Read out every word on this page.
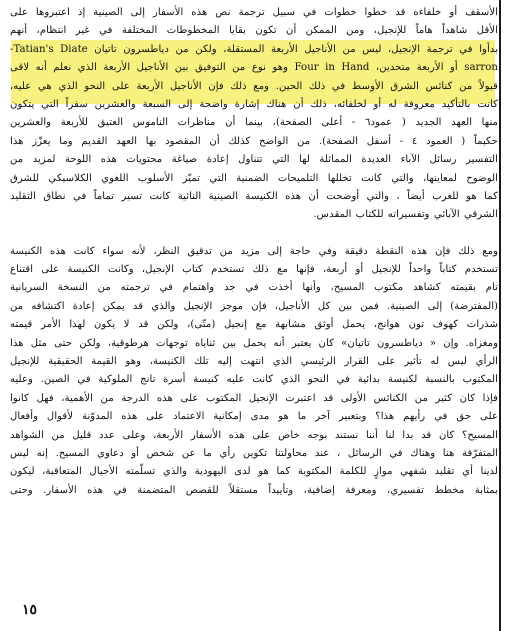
الأسقف أو خلفاءه قد خطوا خطوات في سبيل ترجمة نص هذه الأسفار إلى الصينية إذ اعتبروها على
الأقل شاهداً هاماً للإنجيل، ومن الممكن أن تكون بقايا المخطوطات المختلفة في غير انتظام، أنهم
بدأوا في ترجمة الإنجيل، ليس من الأناجيل الأربعة المستقلة، ولكن من دياطسرون تاتيان Tatian's Diate-
sarron أو الأربعة متحدين، Four in Hand وهو نوع من التوفيق بين الأناجيل الأربعة الذي نعلم أنه لاقى
قبولاً من كنائس الشرق الأوسط في ذلك الحين. ومع ذلك فإن الأناجيل الأربعة على النحو الذي هي عليه،
كانت بالتأكيد معروفة له أو لخلفائه، ذلك أن هناك إشارة واضحة إلى السبعة والعشرين سفراً التي يتكون
منها العهد الجديد ( عمود٦ - أعلى الصفحة)، بينما أن مناظرات الناموس العتيق للأربعة والعشرين
حكيماً ( العمود ٤ - أسفل الصفحة). من الواضح كذلك أن المقصود بها العهد القديم وما يعزّز هذا
التفسير رسائل الآباء العديدة المماثلة لها التي تتناول إعادة صياغة محتويات هذه اللوحة لمزيد من
الوضوح لمعاينها، والتي كانت تخللها التلميحات الضمنية التي تميّز الأسلوب اللغوي الكلاسيكي للشرق
كما هو للغرب أيضاً ، والتي أوضحت أن هذه الكنيسة الصينية النائية كانت تسير تماماً في نطاق التقليد
الشرقي الآبائي وتفسيراته للكتاب المقدس.
ومع ذلك فإن هذه النقطة دقيقة وفي حاجة إلى مزيد من تدقيق النظر، لأنه سواء كانت هذه الكنيسة
تستخدم كتاباً واحداً للإنجيل أو أربعة، فإنها مع ذلك تستخدم كتاب الإنجيل، وكانت الكنيسة على اقتناع
تام بقيمته كشاهد مكتوب المسيح، وأنها أخذت في جد واهتمام في ترجمته من النسخة السريانية
(المفترضة) إلى الصينية. فمن بين كل الأناجيل، فإن موجز الإنجيل والذي قد يمكن إعادة اكتشافه من
شذرات كهوف تون هوانج، يحمل أوثق مشابهة مع إنجيل (متّى)، ولكن قد لا يكون لهذا الأمر قيمته
ومغزاه. وإن « دياطسرون تاتيان» كان يعتبر أنه يحمل بين ثناياه توجهات هرطوقية، ولكن حتى مثل هذا
الرأي ليس له تأثير على القرار الرئيسي الذي انتهت إليه تلك الكنيسة، وهو القيمة الحقيقية للإنجيل
المكتوب بالنسبة لكنيسة بدائية في النحو الذي كانت عليه كنيسة أسرة تانج الملوكية في الصين. وعليه
فإذا كان كثير من الكنائس الأولى قد اعتبرت الإنجيل المكتوب على هذه الدرجة من الأهمية، فهل كانوا
على حق في رأيهم هذا؟ وبتعبير آخر ما هو مدى إمكانية الاعتماد على هذه المدوّنة لأقوال وأفعال
المسيح؟ كان قد بدا لنا أننا نستند بوجه خاص على هذه الأسفار الأربعة، وعلى عدد قليل من الشواهد
المتفرّقة هنا وهناك في الرسائل ، عند محاولتنا تكوين رأي ما عن شخص أو دعاوي المسيح. إنه ليس
لدينا أي تقليد شفهي موازٍ للكلمة المكتوبة كما هو لدى اليهودية والذي تسلّمته الأجيال المتعاقبة، ليكون
بمثابة مخطط تفسيري، ومعرفة إضافية، وتأييداً مستقلاً للقصص المتضمنة في هذه الأسفار. وحتى
١٥
